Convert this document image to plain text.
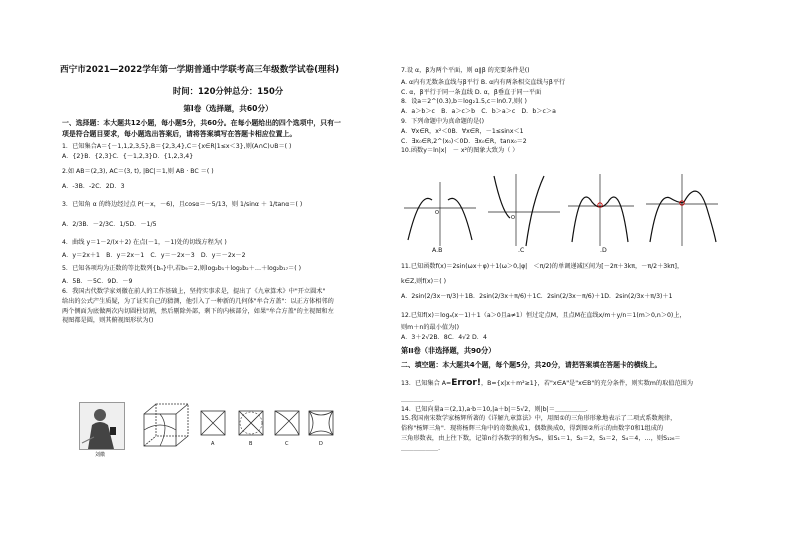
西宁市2021—2022学年第一学期普通中学联考高三年级数学试卷(理科)
时间：120分钟总分：150分
第I卷（选择题，共60分）
一、选择题：本大题共12小题，每小题5分，共60分。在每小题给出的四个选项中，只有一
项是符合题目要求，每小题选出答案后，请将答案填写在答题卡相应位置上。
1．已知集合A＝{－1,1,2,3,5},B＝{2,3,4},C＝{x∈R|1≤x＜3},则(A∩C)∪B＝( )
A．{2}B．{2,3}C．{－1,2,3}D．{1,2,3,4}
2.如 AB＝(2,3), AC＝(3, t), |BC|＝1,则 AB · BC ＝( )
A．-3B．-2C．2D．3
3．已知角 α 的终边经过点 P(－x，－6)，且cosα＝－5/13，则 1/sinα ＋ 1/tanα＝( )
A．2/3B．－2/3C．1/5D．－1/5
4．曲线 y＝1－2/(x＋2) 在点(－1，－1)处的切线方程为( )
A．y＝2x＋1　B．y＝2x－1　C．y＝－2x－3　D．y＝－2x－2
5．已知各项均为正数的等比数列{bₙ}中,若b₉＝2,则log₂b₁＋log₂b₂＋…＋log₂b₁₇＝( )
A．5B．－5C．9D．－9
6．我国古代数学家刘徽在前人的工作基础上，坚持实事求是，提出了《九章算术》中"开立圆术"
给出的公式产生质疑，为了证实自己的猜测，他引入了一种新的几何体"牟合方盖"：以正方体相邻的
两个侧面为底做两次内切圆柱切割，然后剔除外部，剩下的内核部分，如果"牟合方盖"的主视图和左
视图都是圆，则其俯视图形状为()
刘徽
A	B	C	D
7.设 α，β为两个平面，则 α∥β 的充要条件是()
A. α内有无数条直线与β平行 B. α内有两条相交直线与β平行
C. α，β平行于同一条直线 D. α，β垂直于同一平面
8．设a＝2^(0.3),b＝log₂1.5,c＝ln0.7,则( )
A．a＞b＞c　B．a＞c＞b　C．b＞a＞c　D．b＞c＞a
9．下列命题中为真命题的是()
A．∀x∈R，x²＜0B．∀x∈R，－1≤sinx＜1
C．∃x₀∈R,2^(x₀)＜0D．∃x₀∈R，tanx₀＝2
10.函数y＝ln|x|　－ x²的图象大致为（ ）
O
O
A.B	.C	.D
11.已知函数f(x)＝2sin(ωx＋φ)＋1(ω＞0,|φ|　＜π/2)的单调递减区间为[－2π＋3kπ，－π/2＋3kπ]，
k∈Z,则f(x)＝( )
A．2sin(2/3x－π/3)＋1B．2sin(2/3x＋π/6)＋1C．2sin(2/3x－π/6)＋1D．2sin(2/3x＋π/3)＋1
12.已知f(x)＝logₐ(x－1)＋1（a＞0且a≠1）恒过定点M，且点M在直线x/m＋y/n＝1(m＞0,n＞0)上，
则m＋n的最小值为()
A．3＋2√2B．8C．4√2 D．4
第II卷（非选择题，共90分）
二、填空题：本大题共4个题，每个题5分，共20分，请把答案填在答题卡的横线上。
13．已知集合 A=Error!，B={x|x＋m²≥1}，若"x∈A"是"x∈B"的充分条件，则实数m的取值范围为
＿＿＿＿＿．
14．已知向量a＝(2,1),a·b＝10,|a＋b|＝5√2，则|b|＝＿＿＿＿＿．
15.我国南宋数学家杨辉所著的《详解九章算法》中，用图①的三角形形象地表示了二项式系数规律，
俗称"杨辉三角"．现将杨辉三角中的奇数换成1，偶数换成0，得到图②所示的由数字0和1组成的
三角形数表，由上往下数，记第n行各数字的和为Sₙ，如S₁＝1，S₂＝2，S₃＝2，S₄＝4，…，则S₁₂₆＝
＿＿＿＿＿＿．
